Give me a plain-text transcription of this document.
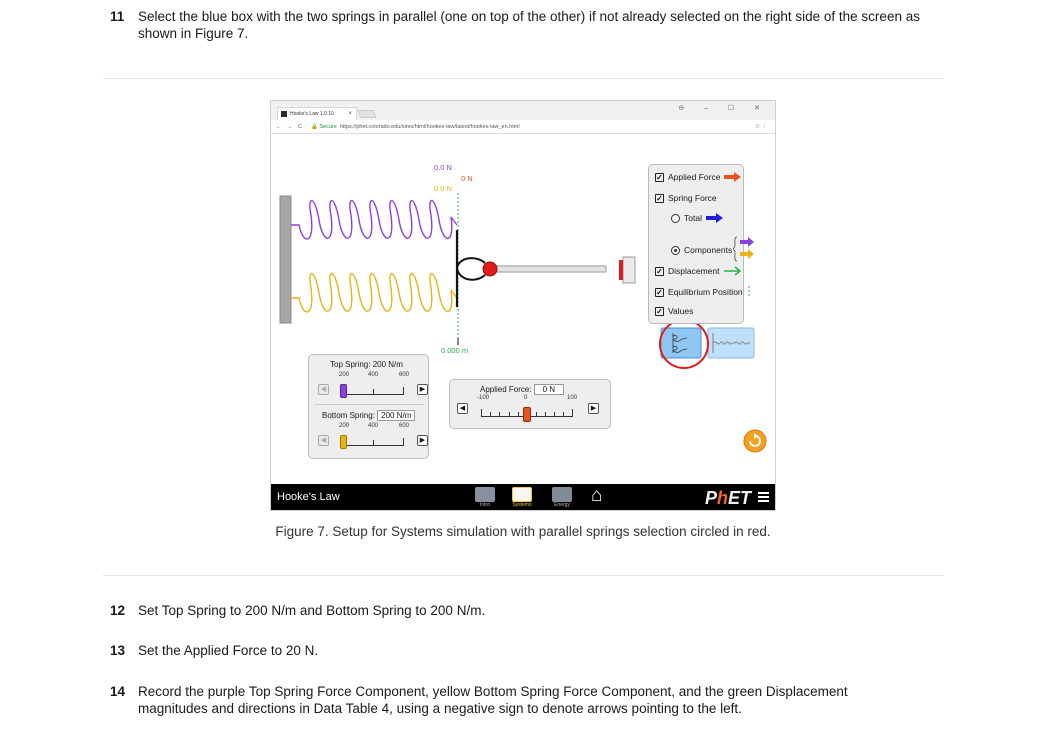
11	Select the blue box with the two springs in parallel (one on top of the other) if not already selected on the right side of the screen as shown in Figure 7.
Hooke's Law 1.0.10 ×
⊖ – ☐ ✕
← → C	🔒 Secure https://phet.colorado.edu/sims/html/hookes-law/latest/hookes-law_en.html	☆ ⋮
0.0 N
0 N
0.0 N
0.000 m
✓ Applied Force
✓ Spring Force
Total
Components
✓ Displacement
✓ Equilibrium Position
✓ Values
Top Spring: 200 N/m
200	400	600
◀	▶
Bottom Spring: 200 N/m
200	400	600
◀	▶
Applied Force: 0 N
-100	0	100
◀	▶
Hooke's Law
Intro	Systems	Energy	⌂	PhET
Figure 7. Setup for Systems simulation with parallel springs selection circled in red.
12 Set Top Spring to 200 N/m and Bottom Spring to 200 N/m.
13 Set the Applied Force to 20 N.
14 Record the purple Top Spring Force Component, yellow Bottom Spring Force Component, and the green Displacement magnitudes and directions in Data Table 4, using a negative sign to denote arrows pointing to the left.
